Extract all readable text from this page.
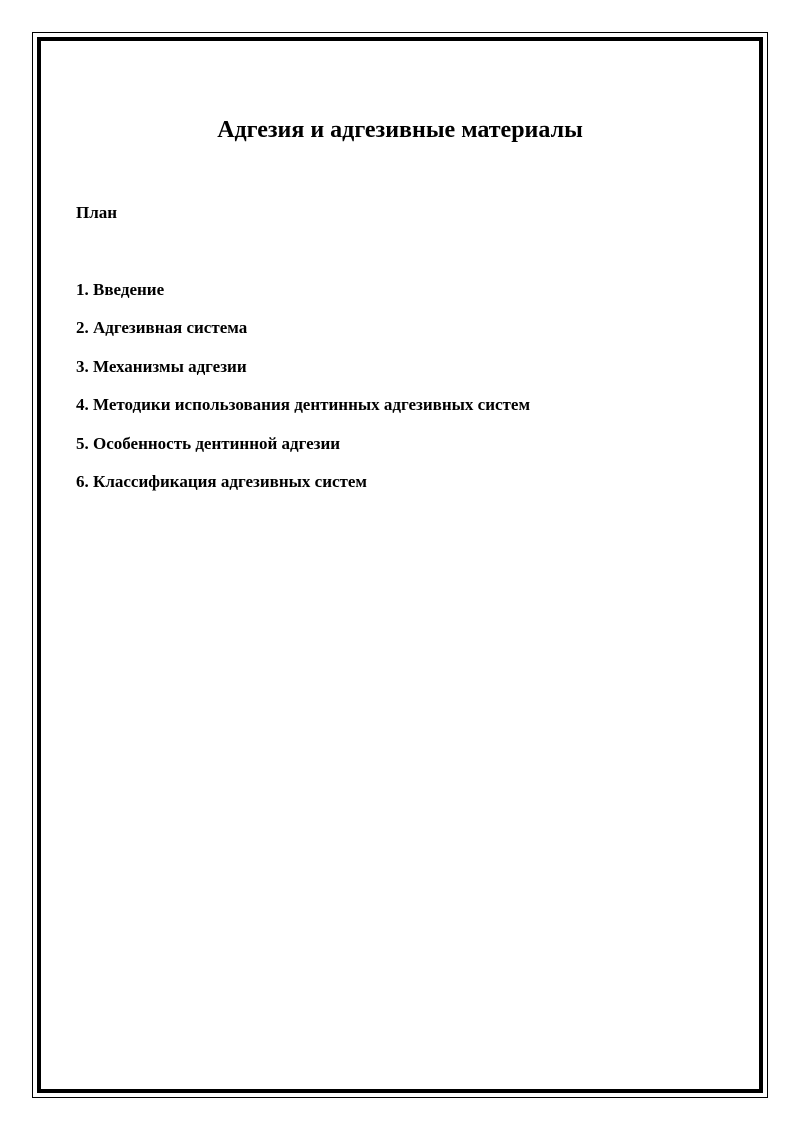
Адгезия и адгезивные материалы

План

1. Введение
2. Адгезивная система
3. Механизмы адгезии
4. Методики использования дентинных адгезивных систем
5. Особенность дентинной адгезии
6. Классификация адгезивных систем
